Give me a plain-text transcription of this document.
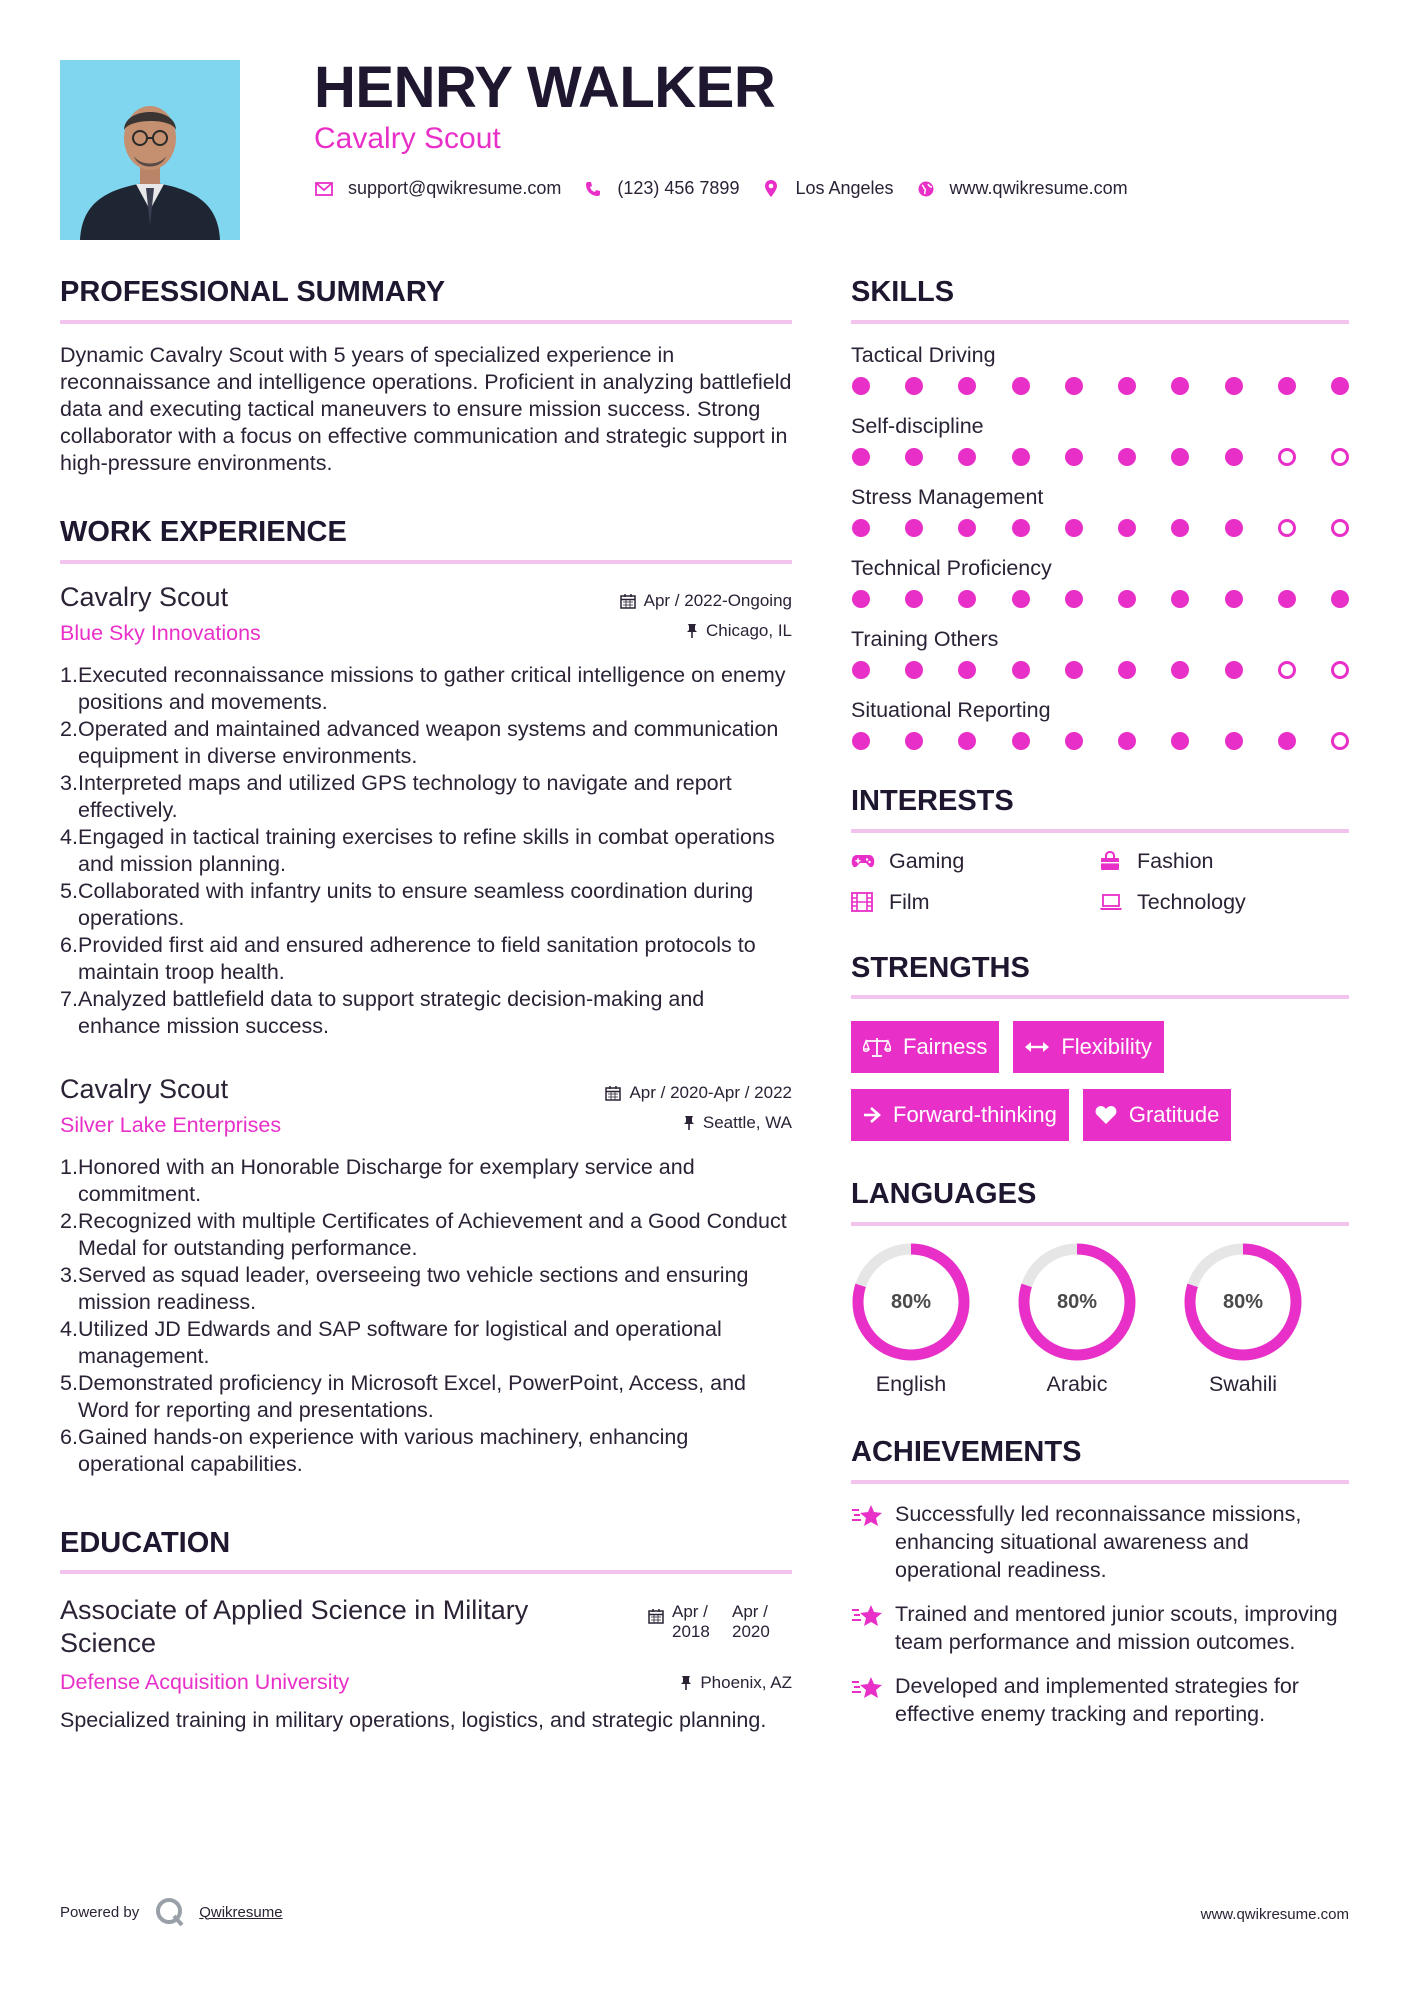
HENRY WALKER
Cavalry Scout
support@qwikresume.com	(123) 456 7899	Los Angeles	www.qwikresume.com
PROFESSIONAL SUMMARY

Dynamic Cavalry Scout with 5 years of specialized experience in reconnaissance and intelligence operations. Proficient in analyzing battlefield data and executing tactical maneuvers to ensure mission success. Strong collaborator with a focus on effective communication and strategic support in high-pressure environments.

WORK EXPERIENCE
Cavalry Scout
Blue Sky Innovations
Apr / 2022-Ongoing
Chicago, IL
Executed reconnaissance missions to gather critical intelligence on enemy positions and movements.
Operated and maintained advanced weapon systems and communication equipment in diverse environments.
Interpreted maps and utilized GPS technology to navigate and report effectively.
Engaged in tactical training exercises to refine skills in combat operations and mission planning.
Collaborated with infantry units to ensure seamless coordination during operations.
Provided first aid and ensured adherence to field sanitation protocols to maintain troop health.
Analyzed battlefield data to support strategic decision-making and enhance mission success.
Cavalry Scout
Silver Lake Enterprises
Apr / 2020-Apr / 2022
Seattle, WA
Honored with an Honorable Discharge for exemplary service and commitment.
Recognized with multiple Certificates of Achievement and a Good Conduct Medal for outstanding performance.
Served as squad leader, overseeing two vehicle sections and ensuring mission readiness.
Utilized JD Edwards and SAP software for logistical and operational management.
Demonstrated proficiency in Microsoft Excel, PowerPoint, Access, and Word for reporting and presentations.
Gained hands-on experience with various machinery, enhancing operational capabilities.
EDUCATION
Associate of Applied Science in Military Science
Apr /
2018
Apr /
2020
Defense Acquisition University	Phoenix, AZ

Specialized training in military operations, logistics, and strategic planning.

SKILLS
Tactical Driving
Self-discipline
Stress Management
Technical Proficiency
Training Others
Situational Reporting
INTERESTS
Gaming	Fashion
Film	Technology
STRENGTHS
Fairness	Flexibility
Forward-thinking	Gratitude
LANGUAGES
80%
English
80%
Arabic
80%
Swahili
ACHIEVEMENTS
Successfully led reconnaissance missions, enhancing situational awareness and operational readiness.
Trained and mentored junior scouts, improving team performance and mission outcomes.
Developed and implemented strategies for effective enemy tracking and reporting.
Powered by	Qwikresume	www.qwikresume.com
